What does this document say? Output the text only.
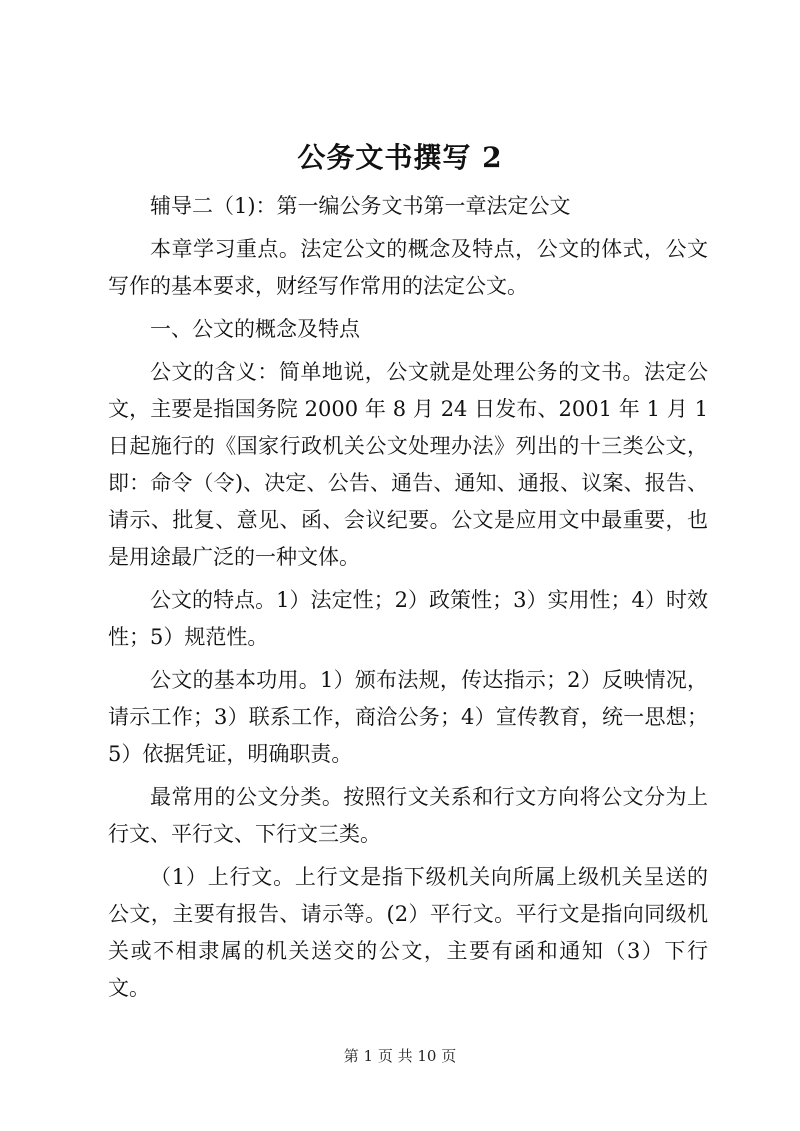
公务文书撰写 2

辅导二（1)：第一编公务文书第一章法定公文

本章学习重点。法定公文的概念及特点，公文的体式，公文写作的基本要求，财经写作常用的法定公文。

一、公文的概念及特点

公文的含义：简单地说，公文就是处理公务的文书。法定公文，主要是指国务院 2000 年 8 月 24 日发布、2001 年 1 月 1 日起施行的《国家行政机关公文处理办法》列出的十三类公文，即：命令（令)、决定、公告、通告、通知、通报、议案、报告、请示、批复、意见、函、会议纪要。公文是应用文中最重要，也是用途最广泛的一种文体。

公文的特点。1）法定性；2）政策性；3）实用性；4）时效性；5）规范性。

公文的基本功用。1）颁布法规，传达指示；2）反映情况，请示工作；3）联系工作，商洽公务；4）宣传教育，统一思想；5）依据凭证，明确职责。

最常用的公文分类。按照行文关系和行文方向将公文分为上行文、平行文、下行文三类。

（1）上行文。上行文是指下级机关向所属上级机关呈送的公文，主要有报告、请示等。(2）平行文。平行文是指向同级机关或不相隶属的机关送交的公文，主要有函和通知（3）下行文。

第 1 页 共 10 页
